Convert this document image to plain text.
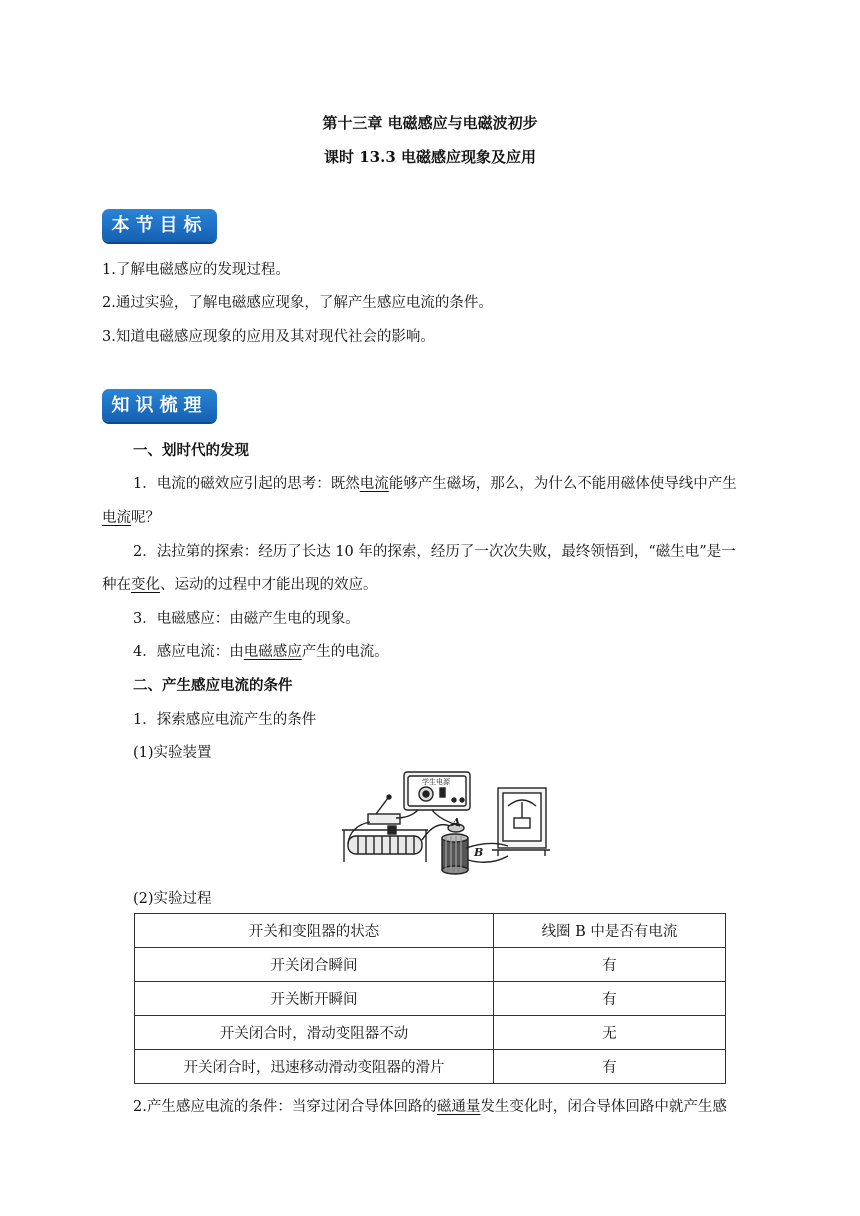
第十三章 电磁感应与电磁波初步
课时 13.3 电磁感应现象及应用
本节目标
1.了解电磁感应的发现过程。
2.通过实验，了解电磁感应现象，了解产生感应电流的条件。
3.知道电磁感应现象的应用及其对现代社会的影响。
知识梳理
一、划时代的发现
1．电流的磁效应引起的思考：既然电流能够产生磁场，那么，为什么不能用磁体使导线中产生
电流呢？
2．法拉第的探索：经历了长达 10 年的探索，经历了一次次失败，最终领悟到，“磁生电”是一
种在变化、运动的过程中才能出现的效应。
3．电磁感应：由磁产生电的现象。
4．感应电流：由电磁感应产生的电流。
二、产生感应电流的条件
1．探索感应电流产生的条件
(1)实验装置
学生电源
A
B
(2)实验过程
开关和变阻器的状态	线圈 B 中是否有电流
开关闭合瞬间	有
开关断开瞬间	有
开关闭合时，滑动变阻器不动	无
开关闭合时，迅速移动滑动变阻器的滑片	有
2.产生感应电流的条件：当穿过闭合导体回路的磁通量发生变化时，闭合导体回路中就产生感
